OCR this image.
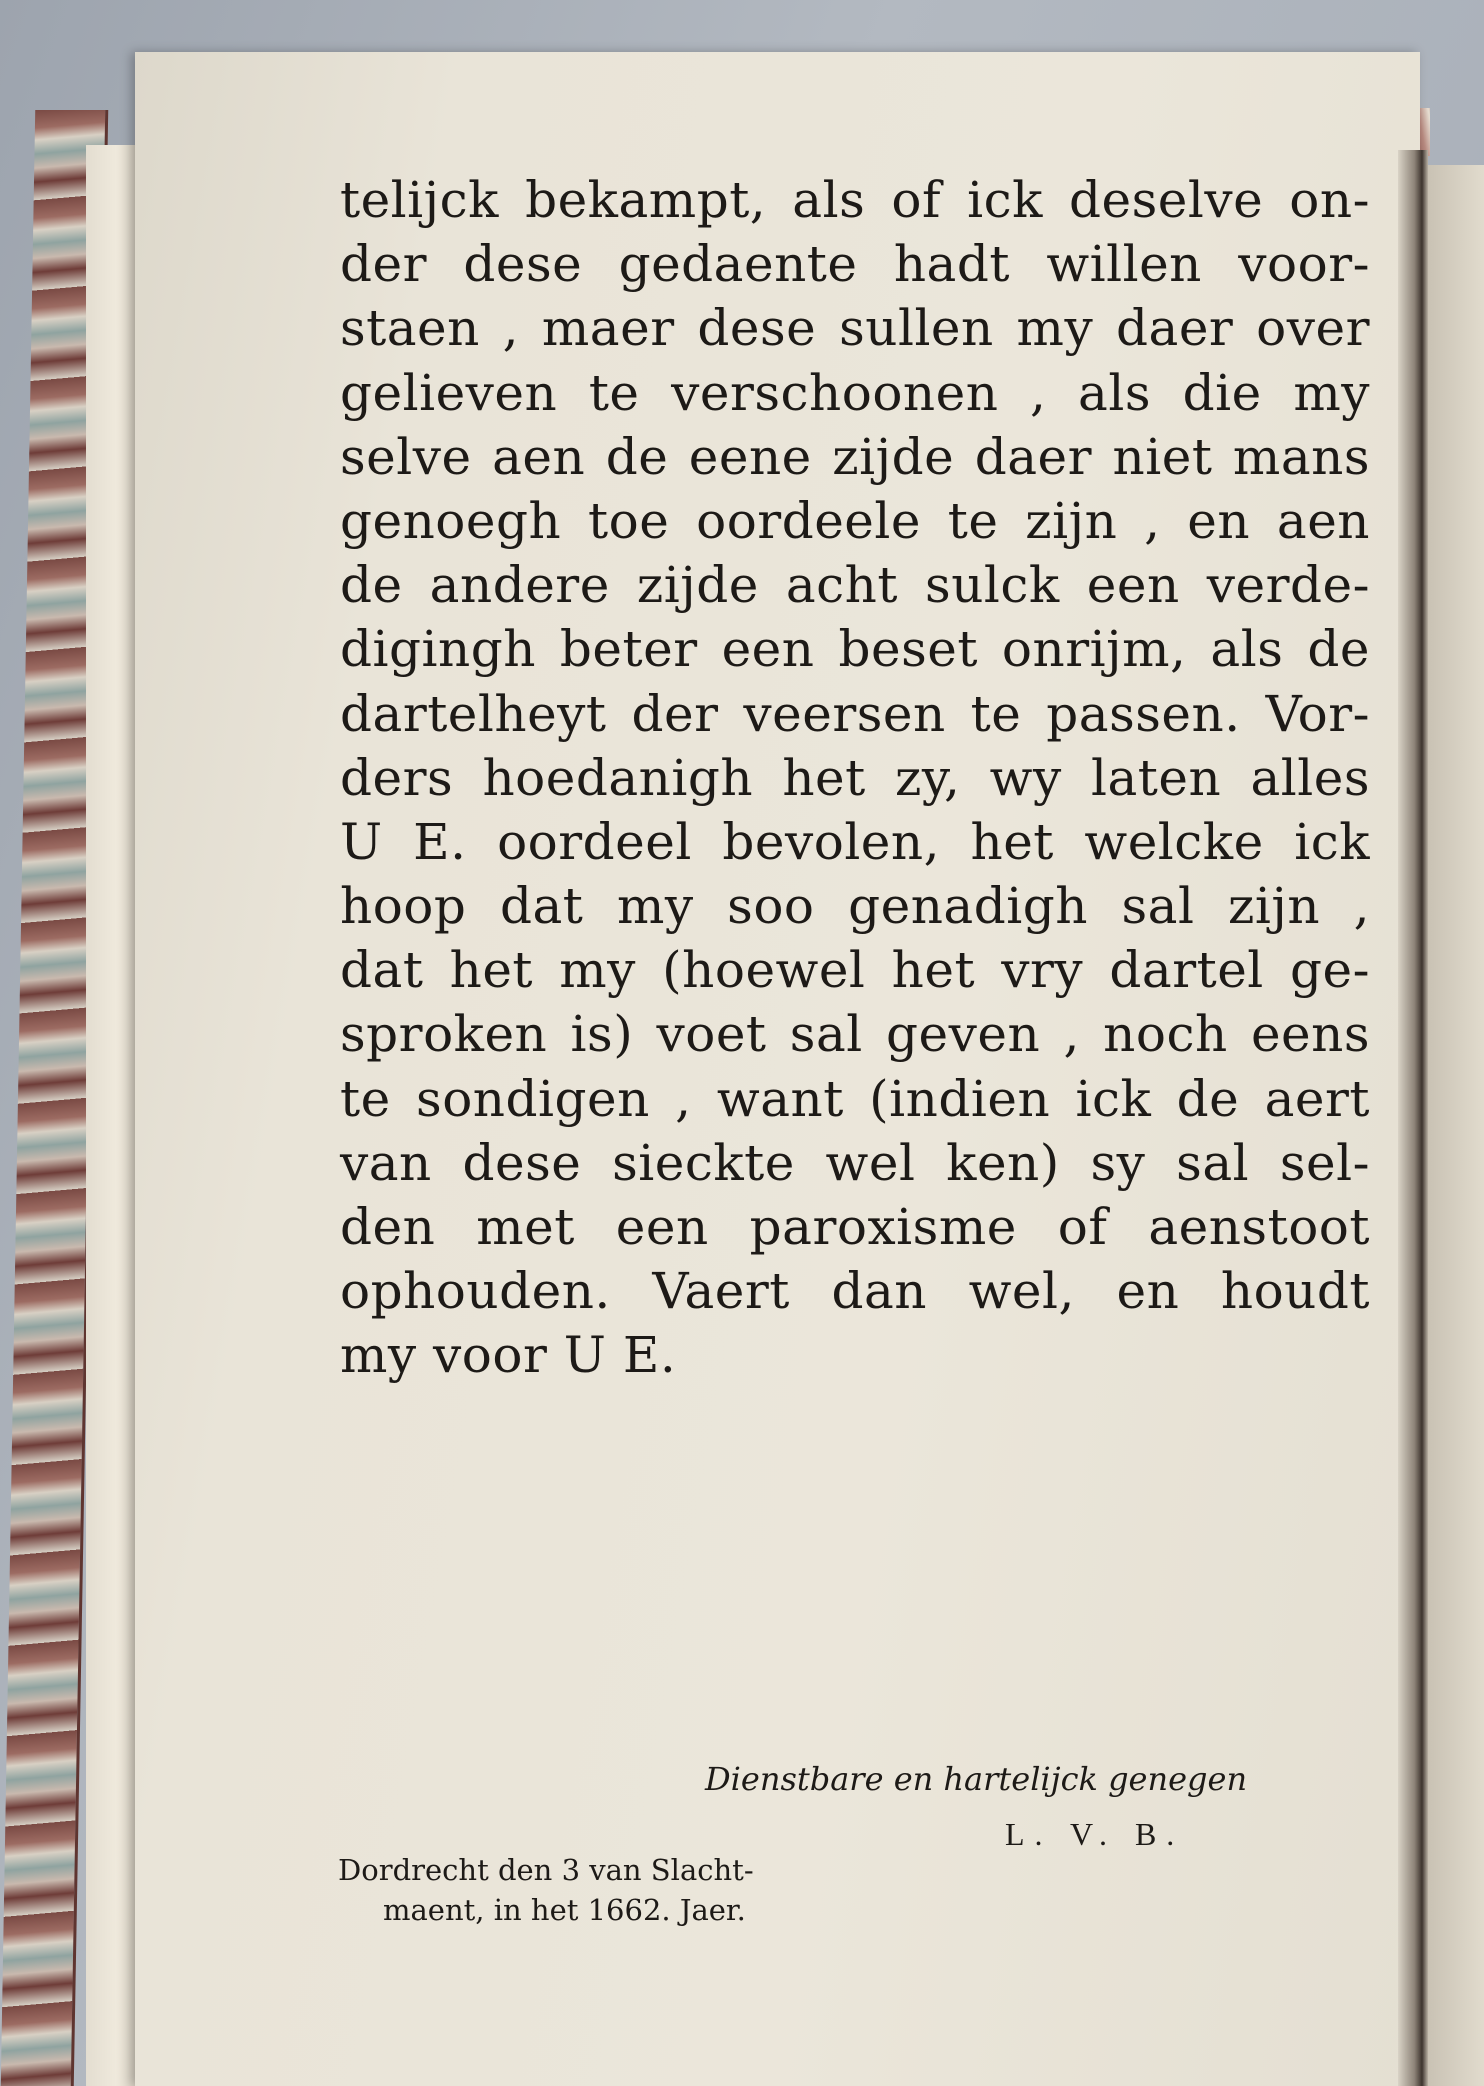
telijck bekampt, als of ick deselve on-
der dese gedaente hadt willen voor-
staen , maer dese sullen my daer over
gelieven te verschoonen , als die my
selve aen de eene zijde daer niet mans
genoegh toe oordeele te zijn , en aen
de andere zijde acht sulck een verde-
digingh beter een beset onrijm, als de
dartelheyt der veersen te passen. Vor-
ders hoedanigh het zy, wy laten alles
U E. oordeel bevolen, het welcke ick
hoop dat my soo genadigh sal zijn ,
dat het my (hoewel het vry dartel ge-
sproken is) voet sal geven , noch eens
te sondigen , want (indien ick de aert
van dese sieckte wel ken) sy sal sel-
den met een paroxisme of aenstoot
ophouden. Vaert dan wel, en houdt
my voor U E.
Dienstbare en hartelijck genegen
L. V. B.
Dordrecht den 3 van Slacht-
maent, in het 1662. Jaer.
